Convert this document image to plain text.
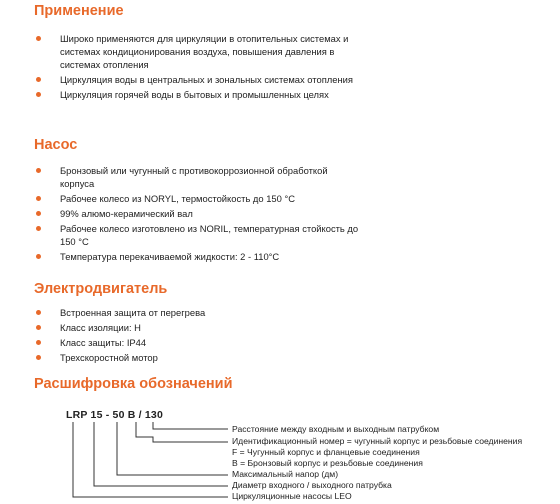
Применение
Широко применяются для циркуляции в отопительных системах и системах кондиционирования воздуха, повышения давления в системах отопления
Циркуляция воды в центральных и зональных системах отопления
Циркуляция горячей воды в бытовых и промышленных целях
Насос
Бронзовый или чугунный с противокоррозионной обработкой корпуса
Рабочее колесо из NORYL, термостойкость до 150 °C
99% алюмо-керамический вал
Рабочее колесо изготовлено из NORIL, температурная стойкость до 150 °C
Температура перекачиваемой жидкости: 2 - 110°C
Электродвигатель
Встроенная защита от перегрева
Класс изоляции: H
Класс защиты: IP44
Трехскоростной мотор
Расшифровка обозначений
LRP 15 - 50 B / 130
Расстояние между входным и выходным патрубком
Идентификационный номер = чугунный корпус и резьбовые соединения
F = Чугунный корпус и фланцевые соединения
B = Бронзовый корпус и резьбовые соединения
Максимальный напор (дм)
Диаметр входного / выходного патрубка
Циркуляционные насосы LEO
